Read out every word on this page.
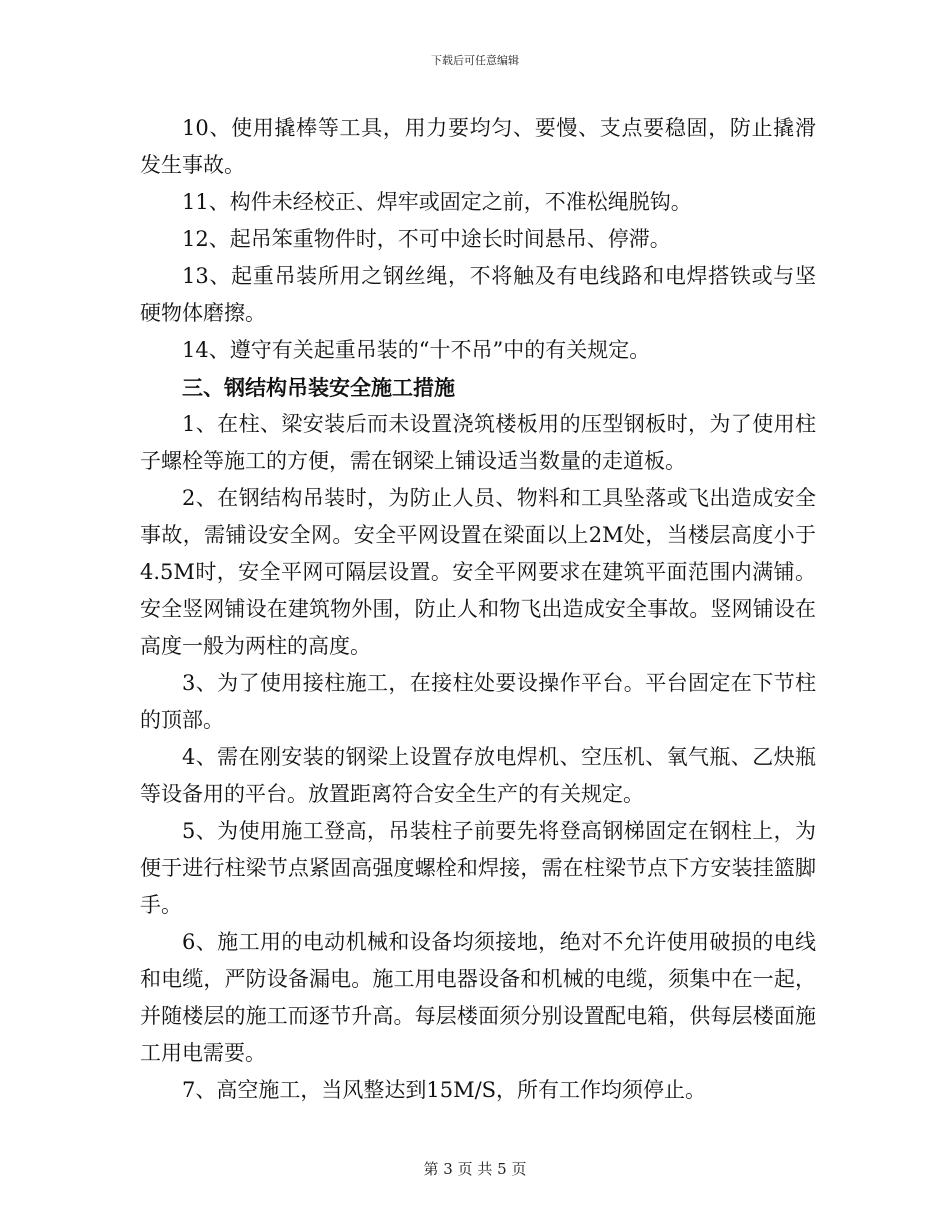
下载后可任意编辑

10、使用撬棒等工具，用力要均匀、要慢、支点要稳固，防止撬滑发生事故。

11、构件未经校正、焊牢或固定之前，不准松绳脱钩。

12、起吊笨重物件时，不可中途长时间悬吊、停滞。

13、起重吊装所用之钢丝绳，不将触及有电线路和电焊搭铁或与坚硬物体磨擦。

14、遵守有关起重吊装的“十不吊”中的有关规定。

三、钢结构吊装安全施工措施

1、在柱、梁安装后而未设置浇筑楼板用的压型钢板时，为了使用柱子螺栓等施工的方便，需在钢梁上铺设适当数量的走道板。

2、在钢结构吊装时，为防止人员、物料和工具坠落或飞出造成安全事故，需铺设安全网。安全平网设置在梁面以上2M处，当楼层高度小于4.5M时，安全平网可隔层设置。安全平网要求在建筑平面范围内满铺。安全竖网铺设在建筑物外围，防止人和物飞出造成安全事故。竖网铺设在高度一般为两柱的高度。

3、为了使用接柱施工，在接柱处要设操作平台。平台固定在下节柱的顶部。

4、需在刚安装的钢梁上设置存放电焊机、空压机、氧气瓶、乙炔瓶等设备用的平台。放置距离符合安全生产的有关规定。

5、为使用施工登高，吊装柱子前要先将登高钢梯固定在钢柱上，为便于进行柱梁节点紧固高强度螺栓和焊接，需在柱梁节点下方安装挂篮脚手。

6、施工用的电动机械和设备均须接地，绝对不允许使用破损的电线和电缆，严防设备漏电。施工用电器设备和机械的电缆，须集中在一起，并随楼层的施工而逐节升高。每层楼面须分别设置配电箱，供每层楼面施工用电需要。

7、高空施工，当风整达到15M/S，所有工作均须停止。

第 3 页 共 5 页
